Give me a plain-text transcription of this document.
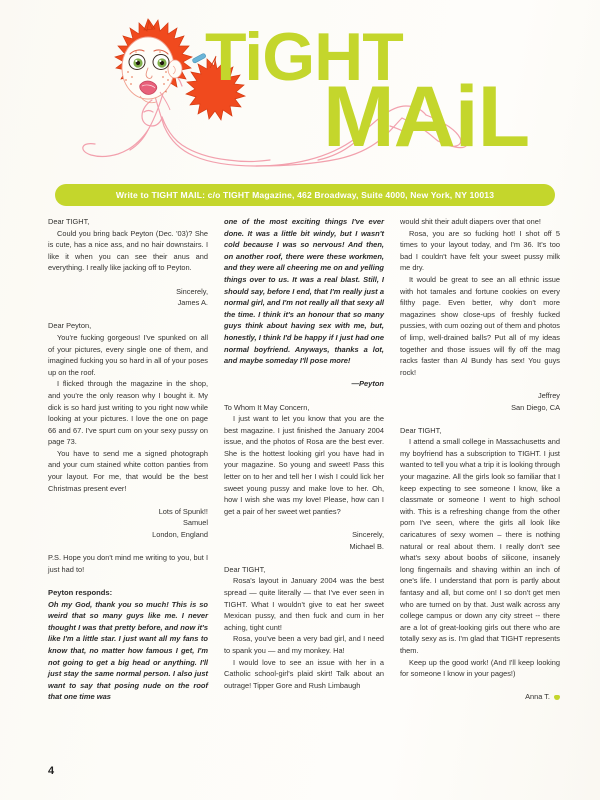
TiGHT
MAiL
Write to TIGHT MAIL: c/o TIGHT Magazine, 462 Broadway, Suite 4000, New York, NY 10013

Dear TIGHT,

Could you bring back Peyton (Dec. '03)? She is cute, has a nice ass, and no hair downstairs. I like it when you can see their anus and everything. I really like jacking off to Peyton.

Sincerely,

James A.

Dear Peyton,

You're fucking gorgeous! I've spunked on all of your pictures, every single one of them, and imagined fucking you so hard in all of your poses up on the roof.

I flicked through the magazine in the shop, and you're the only reason why I bought it. My dick is so hard just writing to you right now while looking at your pictures. I love the one on page 66 and 67. I've spurt cum on your sexy pussy on page 73.

You have to send me a signed photograph and your cum stained white cotton panties from your layout. For me, that would be the best Christmas present ever!

Lots of Spunk!!

Samuel

London, England

P.S. Hope you don't mind me writing to you, but I just had to!

Peyton responds:

Oh my God, thank you so much! This is so weird that so many guys like me. I never thought I was that pretty before, and now it's like I'm a little star. I just want all my fans to know that, no matter how famous I get, I'm not going to get a big head or anything. I'll just stay the same normal person. I also just want to say that posing nude on the roof that one time was

one of the most exciting things I've ever done. It was a little bit windy, but I wasn't cold because I was so nervous! And then, on another roof, there were these workmen, and they were all cheering me on and yelling things over to us. It was a real blast. Still, I should say, before I end, that I'm really just a normal girl, and I'm not really all that sexy all the time. I think it's an honour that so many guys think about having sex with me, but, honestly, I think I'd be happy if I just had one normal boyfriend. Anyways, thanks a lot, and maybe someday I'll pose more!

—Peyton

To Whom It May Concern,

I just want to let you know that you are the best magazine. I just finished the January 2004 issue, and the photos of Rosa are the best ever. She is the hottest looking girl you have had in your magazine. So young and sweet! Pass this letter on to her and tell her I wish I could lick her sweet young pussy and make love to her. Oh, how I wish she was my love! Please, how can I get a pair of her sweet wet panties?

Sincerely,

Michael B.

Dear TIGHT,

Rosa's layout in January 2004 was the best spread — quite literally — that I've ever seen in TIGHT. What I wouldn't give to eat her sweet Mexican pussy, and then fuck and cum in her aching, tight cunt!

Rosa, you've been a very bad girl, and I need to spank you — and my monkey. Ha!

I would love to see an issue with her in a Catholic school-girl's plaid skirt! Talk about an outrage! Tipper Gore and Rush Limbaugh

would shit their adult diapers over that one!

Rosa, you are so fucking hot! I shot off 5 times to your layout today, and I'm 36. It's too bad I couldn't have felt your sweet pussy milk me dry.

It would be great to see an all ethnic issue with hot tamales and fortune cookies on every filthy page. Even better, why don't more magazines show close-ups of freshly fucked pussies, with cum oozing out of them and photos of limp, well-drained balls? Put all of my ideas together and those issues will fly off the mag racks faster than Al Bundy has sex! You guys rock!

Jeffrey

San Diego, CA

Dear TIGHT,

I attend a small college in Massachusetts and my boyfriend has a subscription to TIGHT. I just wanted to tell you what a trip it is looking through your magazine. All the girls look so familiar that I keep expecting to see someone I know, like a classmate or someone I went to high school with. This is a refreshing change from the other porn I've seen, where the girls all look like caricatures of sexy women – there is nothing natural or real about them. I really don't see what's sexy about boobs of silicone, insanely long fingernails and shaving within an inch of one's life. I understand that porn is partly about fantasy and all, but come on! I so don't get men who are turned on by that. Just walk across any college campus or down any city street -- there are a lot of great-looking girls out there who are totally sexy as is. I'm glad that TIGHT represents them.

Keep up the good work! (And I'll keep looking for someone I know in your pages!)

Anna T.

4
